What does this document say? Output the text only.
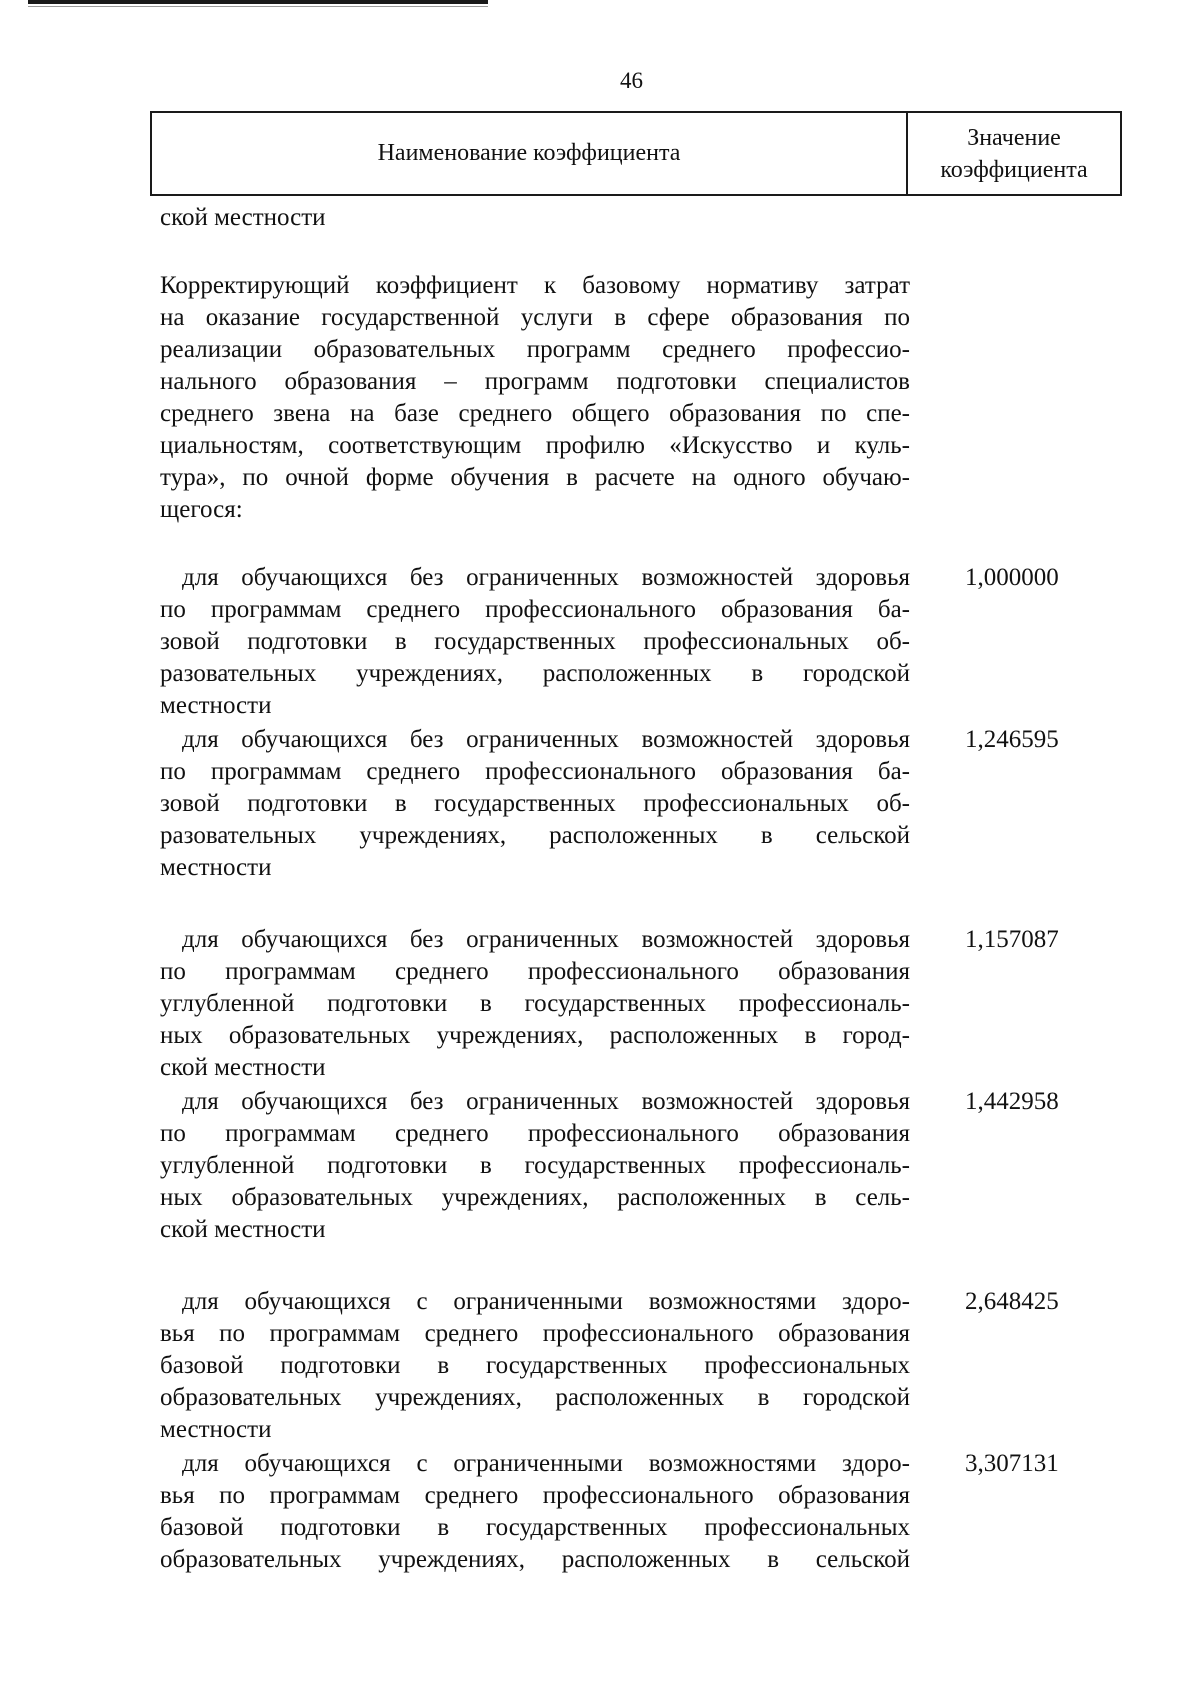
46
Наименование коэффициента
Значение
коэффициента
ской местности
Корректирующий коэффициент к базовому нормативу затрат
на оказание государственной услуги в сфере образования по
реализации образовательных программ среднего профессио-
нального образования – программ подготовки специалистов
среднего звена на базе среднего общего образования по спе-
циальностям, соответствующим профилю «Искусство и куль-
тура», по очной форме обучения в расчете на одного обучаю-
щегося:
для обучающихся без ограниченных возможностей здоровья
по программам среднего профессионального образования ба-
зовой подготовки в государственных профессиональных об-
разовательных учреждениях, расположенных в городской
местности
1,000000
для обучающихся без ограниченных возможностей здоровья
по программам среднего профессионального образования ба-
зовой подготовки в государственных профессиональных об-
разовательных учреждениях, расположенных в сельской
местности
1,246595
для обучающихся без ограниченных возможностей здоровья
по программам среднего профессионального образования
углубленной подготовки в государственных профессиональ-
ных образовательных учреждениях, расположенных в город-
ской местности
1,157087
для обучающихся без ограниченных возможностей здоровья
по программам среднего профессионального образования
углубленной подготовки в государственных профессиональ-
ных образовательных учреждениях, расположенных в сель-
ской местности
1,442958
для обучающихся с ограниченными возможностями здоро-
вья по программам среднего профессионального образования
базовой подготовки в государственных профессиональных
образовательных учреждениях, расположенных в городской
местности
2,648425
для обучающихся с ограниченными возможностями здоро-
вья по программам среднего профессионального образования
базовой подготовки в государственных профессиональных
образовательных учреждениях, расположенных в сельской
3,307131
